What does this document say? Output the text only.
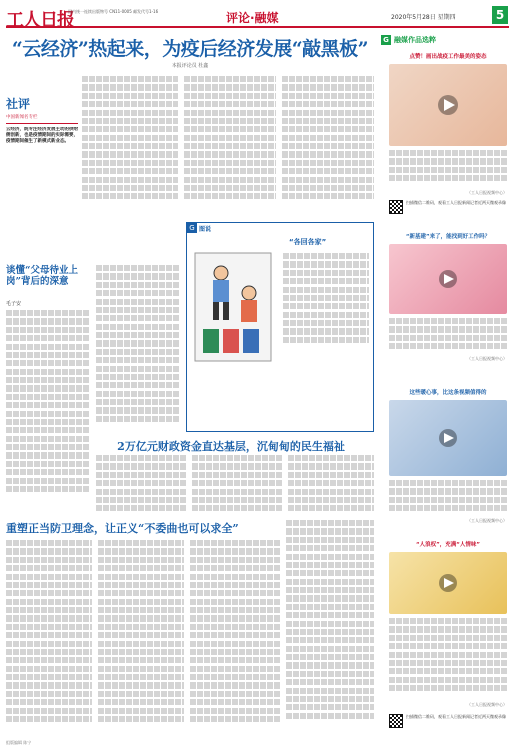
工人日报
国内统一连续出版物号 CN11-0005 邮发代号1-16	评论·融媒	2020年5月28日 星期四	5
“云经济”热起来，为疫后经济发展“敲黑板”
本报评论员 杜鑫
社评
中国新闻名专栏
云经济，既专注经济发展主动的供给侧创新，也是疫情期间的实际需要，疫情期间催生了新模式新业态。
谈懂“父母待业上岗”背后的深意
毛子安
G 图说
“各回各家”
2万亿元财政资金直达基层，沉甸甸的民生福祉
重塑正当防卫理念，让正义“不委曲也可以求全”
G 融媒作品选粹
点赞！画出战疫工作最美的姿态
（工人日报视频中心）
扫描微信二维码，观看工人日报新闻记者近两天微观录像
“新基建”来了，能找到好工作吗？
（工人日报视频中心）
这些暖心事，比这条视频值得的
（工人日报视频中心）
“人浪权”，充满“人情味”
（工人日报视频中心）
扫描微信二维码，观看工人日报新闻记者近两天微观录像
组版编辑 陈宁
